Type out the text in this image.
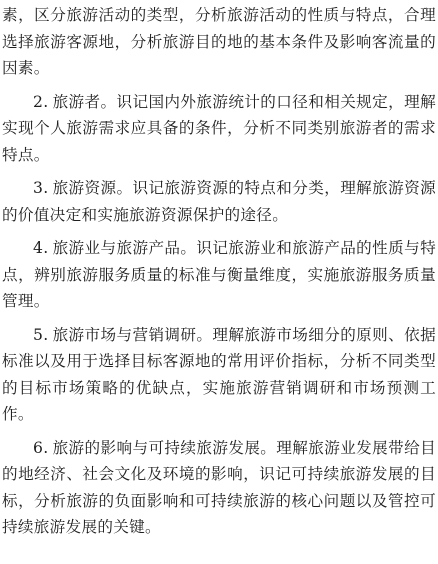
素，区分旅游活动的类型，分析旅游活动的性质与特点，合理选择旅游客源地，分析旅游目的地的基本条件及影响客流量的因素。

2. 旅游者。识记国内外旅游统计的口径和相关规定，理解实现个人旅游需求应具备的条件，分析不同类别旅游者的需求特点。

3. 旅游资源。识记旅游资源的特点和分类，理解旅游资源的价值决定和实施旅游资源保护的途径。

4. 旅游业与旅游产品。识记旅游业和旅游产品的性质与特点，辨别旅游服务质量的标准与衡量维度，实施旅游服务质量管理。

5. 旅游市场与营销调研。理解旅游市场细分的原则、依据标准以及用于选择目标客源地的常用评价指标，分析不同类型的目标市场策略的优缺点，实施旅游营销调研和市场预测工作。

6. 旅游的影响与可持续旅游发展。理解旅游业发展带给目的地经济、社会文化及环境的影响，识记可持续旅游发展的目标，分析旅游的负面影响和可持续旅游的核心问题以及管控可持续旅游发展的关键。
